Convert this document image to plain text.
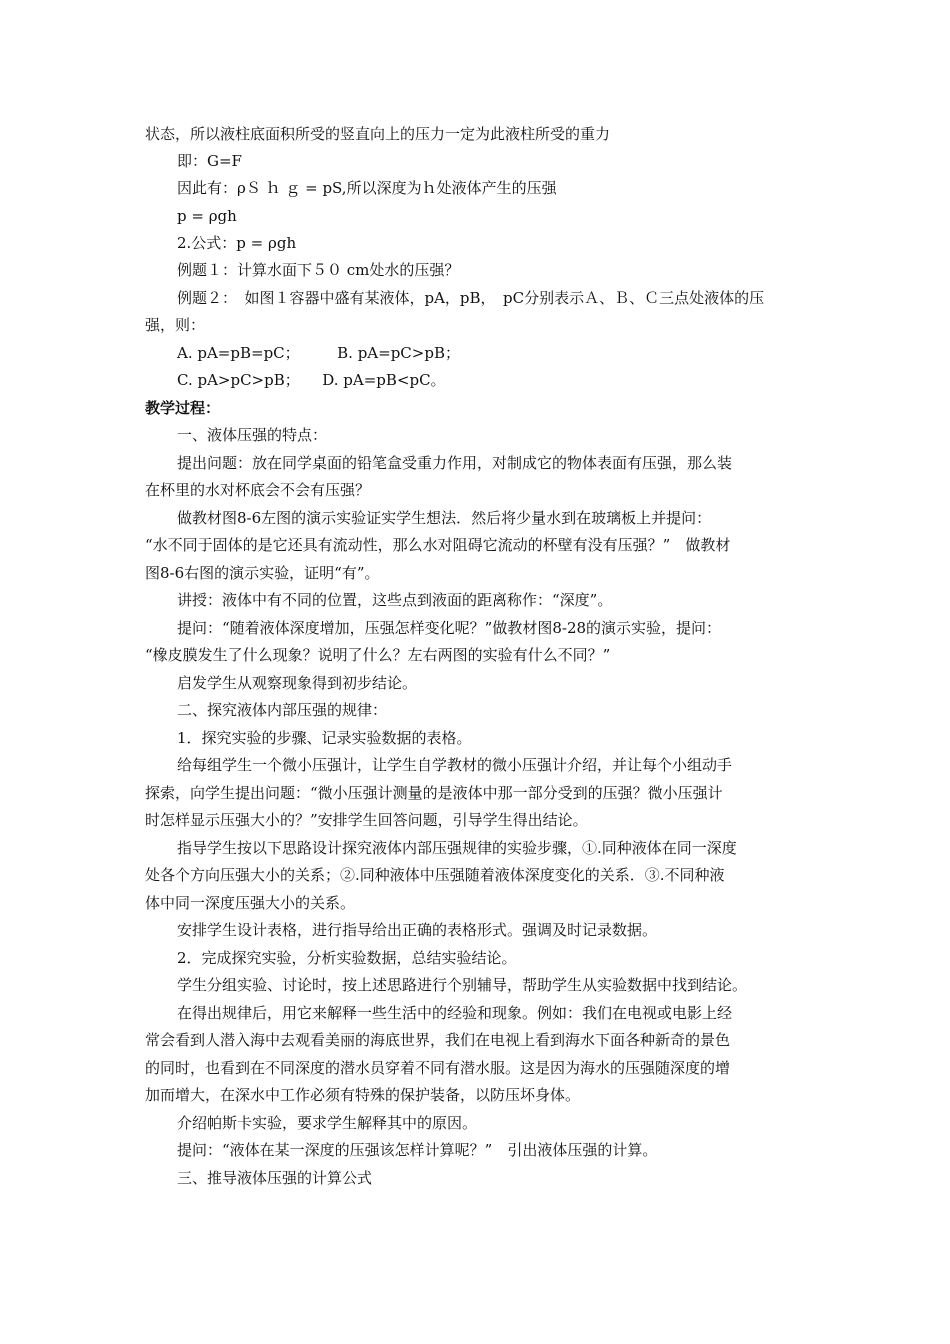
状态，所以液柱底面积所受的竖直向上的压力一定为此液柱所受的重力
即：G=F
因此有：ρＳ ｈ ｇ = pS,所以深度为ｈ处液体产生的压强
p = ρgh
2.公式：p = ρgh
例题１：计算水面下５０ cm处水的压强？
例题２：　如图１容器中盛有某液体，pA，pB，　pC分别表示Ａ、Ｂ、Ｃ三点处液体的压
强，则：
A. pA=pB=pC；　　　B. pA=pC>pB；
C. pA>pC>pB；　　D. pA=pB<pC。
教学过程：
一、液体压强的特点：
提出问题：放在同学桌面的铅笔盒受重力作用，对制成它的物体表面有压强，那么装
在杯里的水对杯底会不会有压强？
做教材图8-6左图的演示实验证实学生想法．然后将少量水到在玻璃板上并提问：
“水不同于固体的是它还具有流动性，那么水对阻碍它流动的杯壁有没有压强？”　做教材
图8-6右图的演示实验，证明“有”。
讲授：液体中有不同的位置，这些点到液面的距离称作：“深度”。
提问：“随着液体深度增加，压强怎样变化呢？”做教材图8-28的演示实验，提问：
“橡皮膜发生了什么现象？说明了什么？左右两图的实验有什么不同？”
启发学生从观察现象得到初步结论。
二、探究液体内部压强的规律：
1．探究实验的步骤、记录实验数据的表格。
给每组学生一个微小压强计，让学生自学教材的微小压强计介绍，并让每个小组动手
探索，向学生提出问题：“微小压强计测量的是液体中那一部分受到的压强？微小压强计
时怎样显示压强大小的？”安排学生回答问题，引导学生得出结论。
指导学生按以下思路设计探究液体内部压强规律的实验步骤，①.同种液体在同一深度
处各个方向压强大小的关系；②.同种液体中压强随着液体深度变化的关系．③.不同种液
体中同一深度压强大小的关系。
安排学生设计表格，进行指导给出正确的表格形式。强调及时记录数据。
2．完成探究实验，分析实验数据，总结实验结论。
学生分组实验、讨论时，按上述思路进行个别辅导，帮助学生从实验数据中找到结论。
在得出规律后，用它来解释一些生活中的经验和现象。例如：我们在电视或电影上经
常会看到人潜入海中去观看美丽的海底世界，我们在电视上看到海水下面各种新奇的景色
的同时，也看到在不同深度的潜水员穿着不同有潜水服。这是因为海水的压强随深度的增
加而增大，在深水中工作必须有特殊的保护装备，以防压坏身体。
介绍帕斯卡实验，要求学生解释其中的原因。
提问：“液体在某一深度的压强该怎样计算呢？”　引出液体压强的计算。
三、推导液体压强的计算公式
